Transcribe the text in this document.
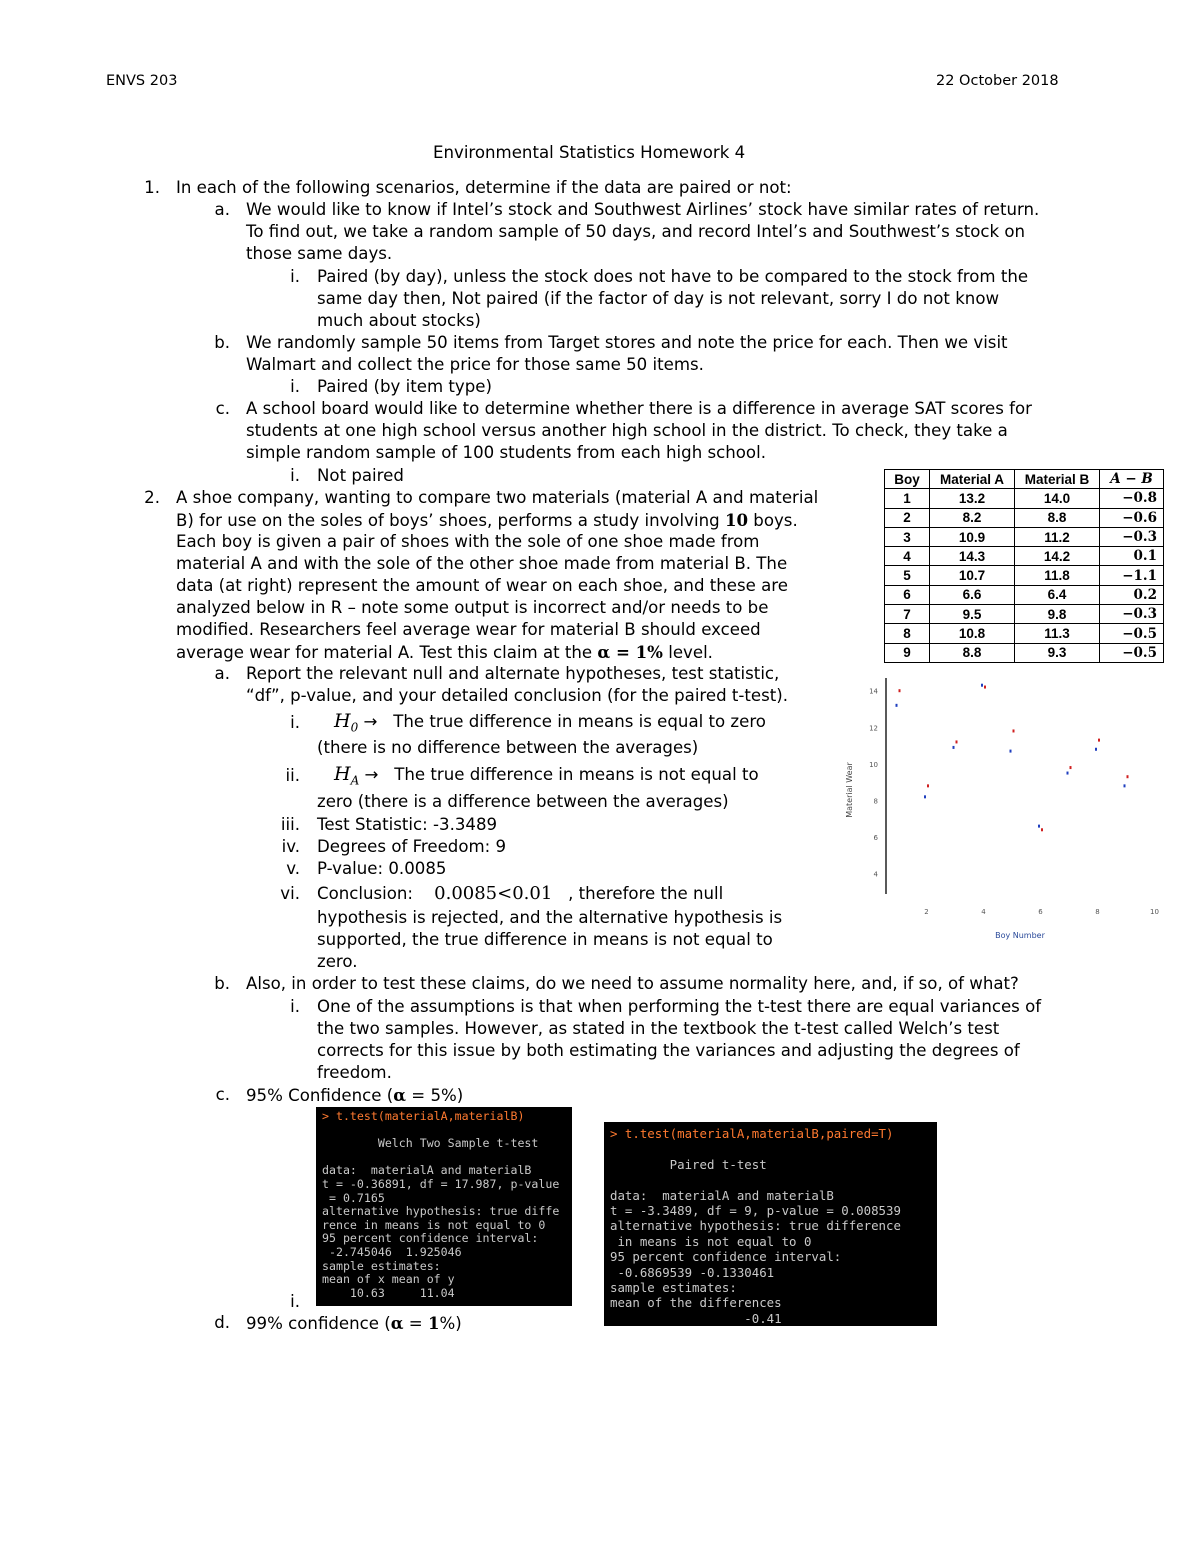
ENVS 203	22 October 2018
Environmental Statistics Homework 4
1. In each of the following scenarios, determine if the data are paired or not:
a. We would like to know if Intel’s stock and Southwest Airlines’ stock have similar rates of return.
To find out, we take a random sample of 50 days, and record Intel’s and Southwest’s stock on
those same days.
i. Paired (by day), unless the stock does not have to be compared to the stock from the
same day then, Not paired (if the factor of day is not relevant, sorry I do not know
much about stocks)
b. We randomly sample 50 items from Target stores and note the price for each. Then we visit
Walmart and collect the price for those same 50 items.
i. Paired (by item type)
c. A school board would like to determine whether there is a difference in average SAT scores for
students at one high school versus another high school in the district. To check, they take a
simple random sample of 100 students from each high school.
i. Not paired
2. A shoe company, wanting to compare two materials (material A and material
B) for use on the soles of boys’ shoes, performs a study involving 10 boys.
Each boy is given a pair of shoes with the sole of one shoe made from
material A and with the sole of the other shoe made from material B. The
data (at right) represent the amount of wear on each shoe, and these are
analyzed below in R – note some output is incorrect and/or needs to be
modified. Researchers feel average wear for material B should exceed
average wear for material A. Test this claim at the α = 1% level.
a. Report the relevant null and alternate hypotheses, test statistic,
“df”, p-value, and your detailed conclusion (for the paired t-test).
i. $H_0$ → The true difference in means is equal to zero
(there is no difference between the averages)
ii. $H_A$ → The true difference in means is not equal to
zero (there is a difference between the averages)
iii. Test Statistic: -3.3489
iv. Degrees of Freedom: 9
v. P-value: 0.0085
vi. Conclusion: 0.0085<0.01 , therefore the null
hypothesis is rejected, and the alternative hypothesis is
supported, the true difference in means is not equal to
zero.
b. Also, in order to test these claims, do we need to assume normality here, and, if so, of what?
i. One of the assumptions is that when performing the t-test there are equal variances of
the two samples. However, as stated in the textbook the t-test called Welch’s test
corrects for this issue by both estimating the variances and adjusting the degrees of
freedom.
c. 95% Confidence (α = 5%)
i.
d. 99% confidence (α = 1%)
Boy	Material A	Material B	A − B
1	13.2	14.0	−0.8
2	8.2	8.8	−0.6
3	10.9	11.2	−0.3
4	14.3	14.2	0.1
5	10.7	11.8	−1.1
6	6.6	6.4	0.2
7	9.5	9.8	−0.3
8	10.8	11.3	−0.5
9	8.8	9.3	−0.5
4
6
8
10
12
14
2	4	6	8	10
Material Wear
Boy Number
> t.test(materialA,materialB)
Welch Two Sample t-test
data:  materialA and materialB
t = -0.36891, df = 17.987, p-value
= 0.7165
alternative hypothesis: true diffe
rence in means is not equal to 0
95 percent confidence interval:
-2.745046  1.925046
sample estimates:
mean of x mean of y
10.63     11.04
> t.test(materialA,materialB,paired=T)
Paired t-test
data:  materialA and materialB
t = -3.3489, df = 9, p-value = 0.008539
alternative hypothesis: true difference
in means is not equal to 0
95 percent confidence interval:
-0.6869539 -0.1330461
sample estimates:
mean of the differences
-0.41
